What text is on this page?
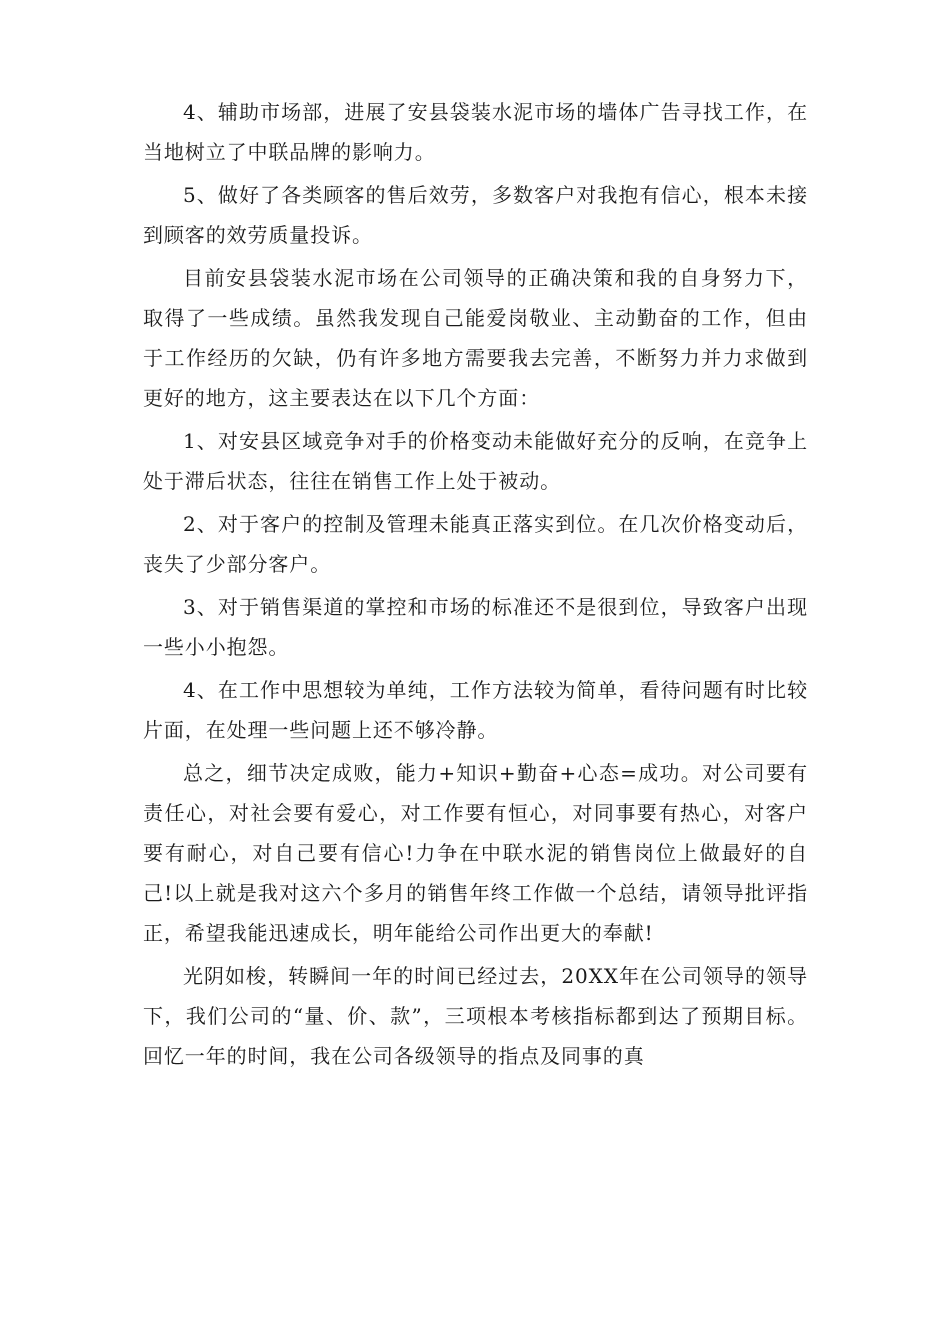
4、辅助市场部，进展了安县袋装水泥市场的墙体广告寻找工作，在当地树立了中联品牌的影响力。

5、做好了各类顾客的售后效劳，多数客户对我抱有信心，根本未接到顾客的效劳质量投诉。

目前安县袋装水泥市场在公司领导的正确决策和我的自身努力下，取得了一些成绩。虽然我发现自己能爱岗敬业、主动勤奋的工作，但由于工作经历的欠缺，仍有许多地方需要我去完善，不断努力并力求做到更好的地方，这主要表达在以下几个方面：

1、对安县区域竞争对手的价格变动未能做好充分的反响，在竞争上处于滞后状态，往往在销售工作上处于被动。

2、对于客户的控制及管理未能真正落实到位。在几次价格变动后，丧失了少部分客户。

3、对于销售渠道的掌控和市场的标准还不是很到位，导致客户出现一些小小抱怨。

4、在工作中思想较为单纯，工作方法较为简单，看待问题有时比较片面，在处理一些问题上还不够冷静。

总之，细节决定成败，能力+知识+勤奋+心态=成功。对公司要有责任心，对社会要有爱心，对工作要有恒心，对同事要有热心，对客户要有耐心，对自己要有信心!力争在中联水泥的销售岗位上做最好的自己!以上就是我对这六个多月的销售年终工作做一个总结，请领导批评指正，希望我能迅速成长，明年能给公司作出更大的奉献!

光阴如梭，转瞬间一年的时间已经过去，20XX年在公司领导的领导下，我们公司的“量、价、款”，三项根本考核指标都到达了预期目标。回忆一年的时间，我在公司各级领导的指点及同事的真
